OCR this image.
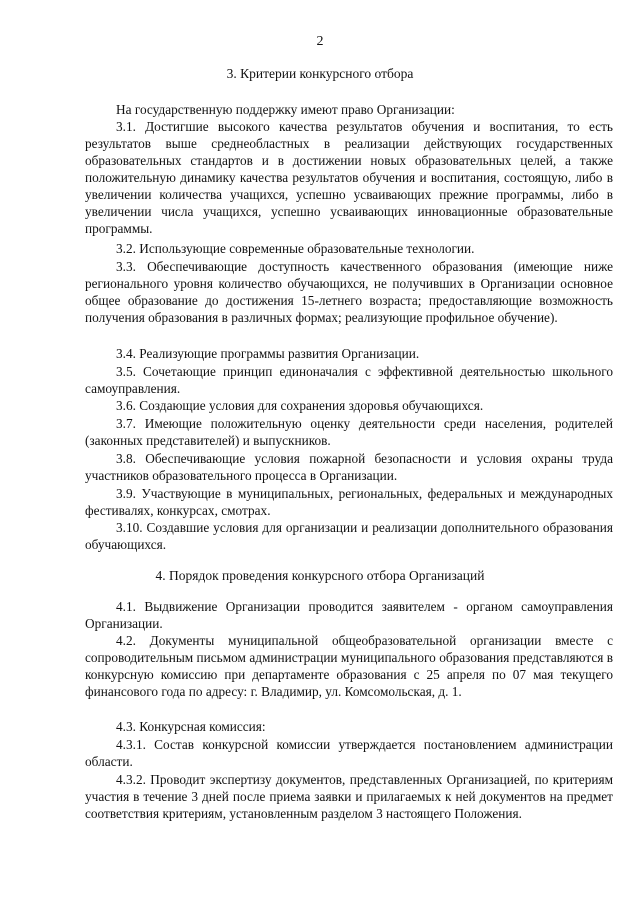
2
3. Критерии конкурсного отбора
На государственную поддержку имеют право Организации:
3.1. Достигшие высокого качества результатов обучения и воспитания, то есть результатов выше среднеобластных в реализации действующих государственных образовательных стандартов и в достижении новых образовательных целей, а также положительную динамику качества результатов обучения и воспитания, состоящую, либо в увеличении количества учащихся, успешно усваивающих прежние программы, либо в увеличении числа учащихся, успешно усваивающих инновационные образовательные программы.
3.2. Использующие современные образовательные технологии.
3.3. Обеспечивающие доступность качественного образования (имеющие ниже регионального уровня количество обучающихся, не получивших в Организации основное общее образование до достижения 15-летнего возраста; предоставляющие возможность получения образования в различных формах; реализующие профильное обучение).
3.4. Реализующие программы развития Организации.
3.5. Сочетающие принцип единоначалия с эффективной деятельностью школьного самоуправления.
3.6. Создающие условия для сохранения здоровья обучающихся.
3.7. Имеющие положительную оценку деятельности среди населения, родителей (законных представителей) и выпускников.
3.8. Обеспечивающие условия пожарной безопасности и условия охраны труда участников образовательного процесса в Организации.
3.9. Участвующие в муниципальных, региональных, федеральных и международных фестивалях, конкурсах, смотрах.
3.10. Создавшие условия для организации и реализации дополнительного образования обучающихся.
4. Порядок проведения конкурсного отбора Организаций
4.1. Выдвижение Организации проводится заявителем - органом самоуправления Организации.
4.2. Документы муниципальной общеобразовательной организации вместе с сопроводительным письмом администрации муниципального образования представляются в конкурсную комиссию при департаменте образования с 25 апреля по 07 мая текущего финансового года по адресу: г. Владимир, ул. Комсомольская, д. 1.
4.3. Конкурсная комиссия:
4.3.1. Состав конкурсной комиссии утверждается постановлением администрации области.
4.3.2. Проводит экспертизу документов, представленных Организацией, по критериям участия в течение 3 дней после приема заявки и прилагаемых к ней документов на предмет соответствия критериям, установленным разделом 3 настоящего Положения.
